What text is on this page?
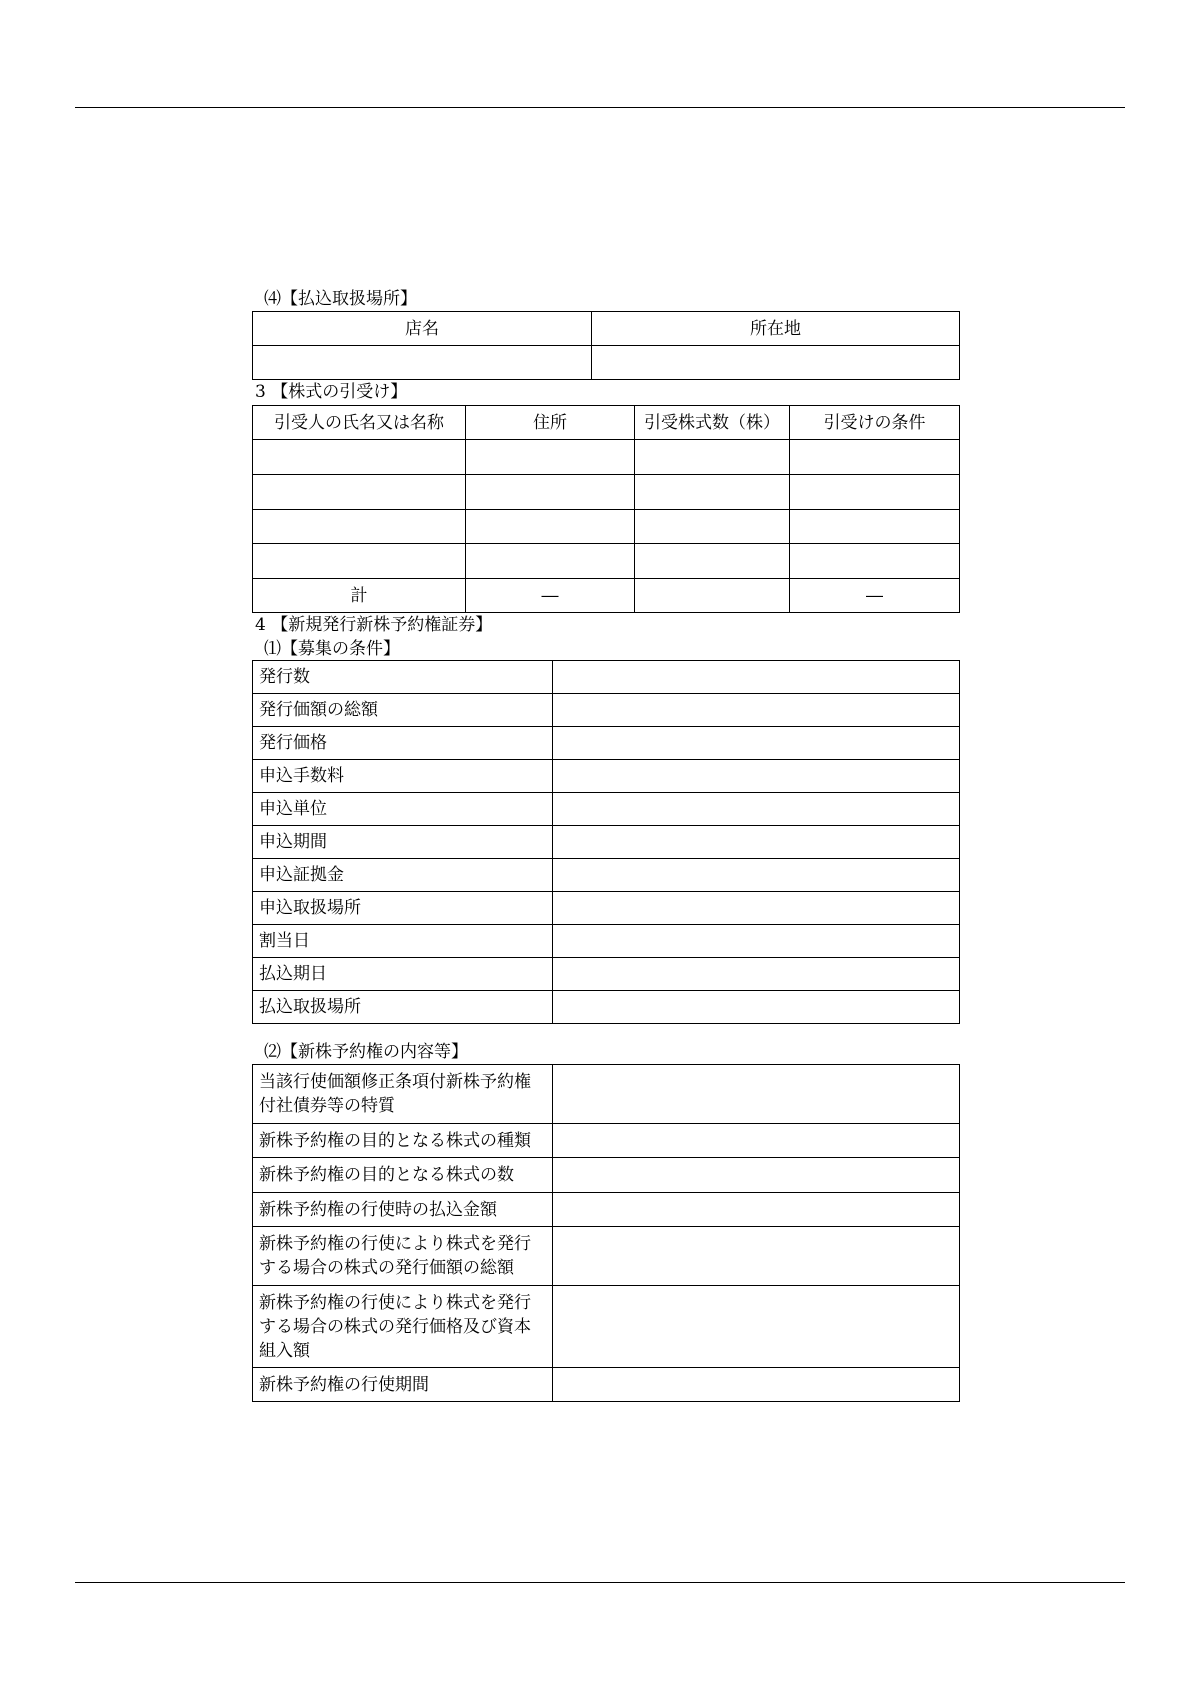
⑷【払込取扱場所】
店名	所在地

3 【株式の引受け】
引受人の氏名又は名称	住所	引受株式数（株）	引受けの条件

計	―		―
4 【新規発行新株予約権証券】
⑴【募集の条件】
発行数	
発行価額の総額	
発行価格	
申込手数料	
申込単位	
申込期間	
申込証拠金	
申込取扱場所	
割当日	
払込期日	
払込取扱場所	
⑵【新株予約権の内容等】
当該行使価額修正条項付新株予約権付社債券等の特質	
新株予約権の目的となる株式の種類	
新株予約権の目的となる株式の数	
新株予約権の行使時の払込金額	
新株予約権の行使により株式を発行する場合の株式の発行価額の総額	
新株予約権の行使により株式を発行する場合の株式の発行価格及び資本組入額	
新株予約権の行使期間	
